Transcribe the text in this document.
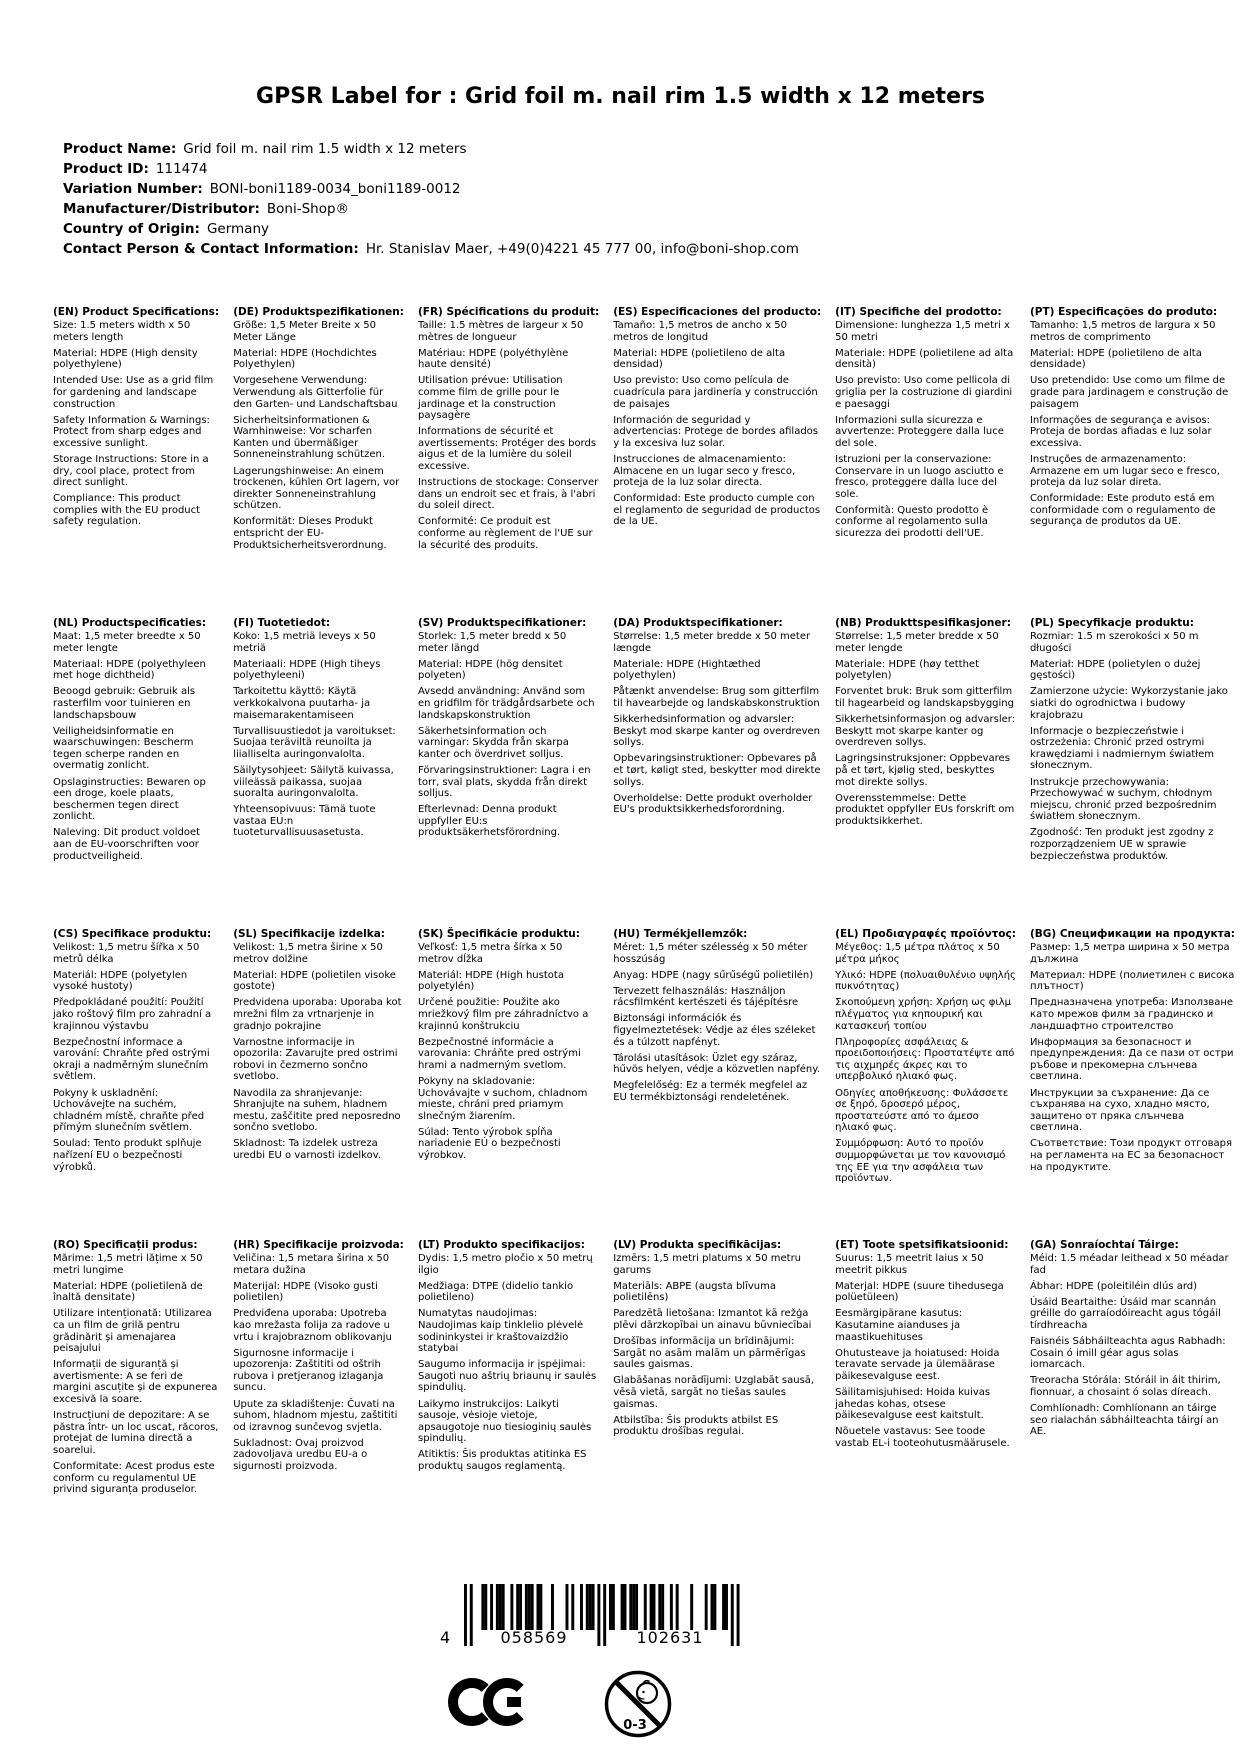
GPSR Label for : Grid foil m. nail rim 1.5 width x 12 meters
Product Name: Grid foil m. nail rim 1.5 width x 12 meters
Product ID: 111474
Variation Number: BONI-boni1189-0034_boni1189-0012
Manufacturer/Distributor: Boni-Shop®
Country of Origin: Germany
Contact Person & Contact Information: Hr. Stanislav Maer, +49(0)4221 45 777 00, info@boni-shop.com
(EN) Product Specifications:

Size: 1.5 meters width x 50 meters length

Material: HDPE (High density polyethylene)

Intended Use: Use as a grid film for gardening and landscape construction

Safety Information & Warnings: Protect from sharp edges and excessive sunlight.

Storage Instructions: Store in a dry, cool place, protect from direct sunlight.

Compliance: This product complies with the EU product safety regulation.

(DE) Produktspezifikationen:

Größe: 1,5 Meter Breite x 50 Meter Länge

Material: HDPE (Hochdichtes Polyethylen)

Vorgesehene Verwendung: Verwendung als Gitterfolie für den Garten- und Landschaftsbau

Sicherheitsinformationen & Warnhinweise: Vor scharfen Kanten und übermäßiger Sonneneinstrahlung schützen.

Lagerungshinweise: An einem trockenen, kühlen Ort lagern, vor direkter Sonneneinstrahlung schützen.

Konformität: Dieses Produkt entspricht der EU-Produktsicherheitsverordnung.

(FR) Spécifications du produit:

Taille: 1.5 mètres de largeur x 50 mètres de longueur

Matériau: HDPE (polyéthylène haute densité)

Utilisation prévue: Utilisation comme film de grille pour le jardinage et la construction paysagère

Informations de sécurité et avertissements: Protéger des bords aigus et de la lumière du soleil excessive.

Instructions de stockage: Conserver dans un endroit sec et frais, à l'abri du soleil direct.

Conformité: Ce produit est conforme au règlement de l'UE sur la sécurité des produits.

(ES) Especificaciones del producto:

Tamaño: 1,5 metros de ancho x 50 metros de longitud

Material: HDPE (polietileno de alta densidad)

Uso previsto: Uso como película de cuadrícula para jardinería y construcción de paisajes

Información de seguridad y advertencias: Protege de bordes afilados y la excesiva luz solar.

Instrucciones de almacenamiento: Almacene en un lugar seco y fresco, proteja de la luz solar directa.

Conformidad: Este producto cumple con el reglamento de seguridad de productos de la UE.

(IT) Specifiche del prodotto:

Dimensione: lunghezza 1,5 metri x 50 metri

Materiale: HDPE (polietilene ad alta densità)

Uso previsto: Uso come pellicola di griglia per la costruzione di giardini e paesaggi

Informazioni sulla sicurezza e avvertenze: Proteggere dalla luce del sole.

Istruzioni per la conservazione: Conservare in un luogo asciutto e fresco, proteggere dalla luce del sole.

Conformità: Questo prodotto è conforme al regolamento sulla sicurezza dei prodotti dell'UE.

(PT) Especificações do produto:

Tamanho: 1,5 metros de largura x 50 metros de comprimento

Material: HDPE (polietileno de alta densidade)

Uso pretendido: Use como um filme de grade para jardinagem e construção de paisagem

Informações de segurança e avisos: Proteja de bordas afiadas e luz solar excessiva.

Instruções de armazenamento: Armazene em um lugar seco e fresco, proteja da luz solar direta.

Conformidade: Este produto está em conformidade com o regulamento de segurança de produtos da UE.

(NL) Productspecificaties:

Maat: 1,5 meter breedte x 50 meter lengte

Materiaal: HDPE (polyethyleen met hoge dichtheid)

Beoogd gebruik: Gebruik als rasterfilm voor tuinieren en landschapsbouw

Veiligheidsinformatie en waarschuwingen: Bescherm tegen scherpe randen en overmatig zonlicht.

Opslaginstructies: Bewaren op een droge, koele plaats, beschermen tegen direct zonlicht.

Naleving: Dit product voldoet aan de EU-voorschriften voor productveiligheid.

(FI) Tuotetiedot:

Koko: 1,5 metriä leveys x 50 metriä

Materiaali: HDPE (High tiheys polyethyleeni)

Tarkoitettu käyttö: Käytä verkkokalvona puutarha- ja maisemarakentamiseen

Turvallisuustiedot ja varoitukset: Suojaa teräviltä reunoilta ja liialliselta auringonvalolta.

Säilytysohjeet: Säilytä kuivassa, viileässä paikassa, suojaa suoralta auringonvalolta.

Yhteensopivuus: Tämä tuote vastaa EU:n tuoteturvallisuusasetusta.

(SV) Produktspecifikationer:

Storlek: 1,5 meter bredd x 50 meter längd

Material: HDPE (hög densitet polyeten)

Avsedd användning: Använd som en gridfilm för trädgårdsarbete och landskapskonstruktion

Säkerhetsinformation och varningar: Skydda från skarpa kanter och överdrivet solljus.

Förvaringsinstruktioner: Lagra i en torr, sval plats, skydda från direkt solljus.

Efterlevnad: Denna produkt uppfyller EU:s produktsäkerhetsförordning.

(DA) Produktspecifikationer:

Størrelse: 1,5 meter bredde x 50 meter længde

Materiale: HDPE (Hightæthed polyethylen)

Påtænkt anvendelse: Brug som gitterfilm til havearbejde og landskabskonstruktion

Sikkerhedsinformation og advarsler: Beskyt mod skarpe kanter og overdreven sollys.

Opbevaringsinstruktioner: Opbevares på et tørt, køligt sted, beskytter mod direkte sollys.

Overholdelse: Dette produkt overholder EU's produktsikkerhedsforordning.

(NB) Produkttspesifikasjoner:

Størrelse: 1,5 meter bredde x 50 meter lengde

Materiale: HDPE (høy tetthet polyetylen)

Forventet bruk: Bruk som gitterfilm til hagearbeid og landskapsbygging

Sikkerhetsinformasjon og advarsler: Beskytt mot skarpe kanter og overdreven sollys.

Lagringsinstruksjoner: Oppbevares på et tørt, kjølig sted, beskyttes mot direkte sollys.

Overensstemmelse: Dette produktet oppfyller EUs forskrift om produktsikkerhet.

(PL) Specyfikacje produktu:

Rozmiar: 1.5 m szerokości x 50 m długości

Materiał: HDPE (polietylen o dużej gęstości)

Zamierzone użycie: Wykorzystanie jako siatki do ogrodnictwa i budowy krajobrazu

Informacje o bezpieczeństwie i ostrzeżenia: Chronić przed ostrymi krawędziami i nadmiernym światłem słonecznym.

Instrukcje przechowywania: Przechowywać w suchym, chłodnym miejscu, chronić przed bezpośrednim światłem słonecznym.

Zgodność: Ten produkt jest zgodny z rozporządzeniem UE w sprawie bezpieczeństwa produktów.

(CS) Specifikace produktu:

Velikost: 1,5 metru šířka x 50 metrů délka

Materiál: HDPE (polyetylen vysoké hustoty)

Předpokládané použití: Použití jako roštový film pro zahradní a krajinnou výstavbu

Bezpečnostní informace a varování: Chraňte před ostrými okraji a nadměrným slunečním světlem.

Pokyny k uskladnění: Uchovávejte na suchém, chladném místě, chraňte před přímým slunečním světlem.

Soulad: Tento produkt splňuje nařízení EU o bezpečnosti výrobků.

(SL) Specifikacije izdelka:

Velikost: 1,5 metra širine x 50 metrov dolžine

Material: HDPE (polietilen visoke gostote)

Predvidena uporaba: Uporaba kot mrežni film za vrtnarjenje in gradnjo pokrajine

Varnostne informacije in opozorila: Zavarujte pred ostrimi robovi in čezmerno sončno svetlobo.

Navodila za shranjevanje: Shranjujte na suhem, hladnem mestu, zaščitite pred neposredno sončno svetlobo.

Skladnost: Ta izdelek ustreza uredbi EU o varnosti izdelkov.

(SK) Špecifikácie produktu:

Veľkosť: 1,5 metra šírka x 50 metrov dĺžka

Materiál: HDPE (High hustota polyetylén)

Určené použitie: Použite ako mriežkový film pre záhradníctvo a krajinnú konštrukciu

Bezpečnostné informácie a varovania: Chráňte pred ostrými hrami a nadmerným svetlom.

Pokyny na skladovanie: Uchovávajte v suchom, chladnom mieste, chráni pred priamym slnečným žiarením.

Súlad: Tento výrobok spĺňa nariadenie EÚ o bezpečnosti výrobkov.

(HU) Termékjellemzők:

Méret: 1,5 méter szélesség x 50 méter hosszúság

Anyag: HDPE (nagy sűrűségű polietilén)

Tervezett felhasználás: Használjon rácsfilmként kertészeti és tájépítésre

Biztonsági információk és figyelmeztetések: Védje az éles széleket és a túlzott napfényt.

Tárolási utasítások: Üzlet egy száraz, hűvös helyen, védje a közvetlen napfény.

Megfelelőség: Ez a termék megfelel az EU termékbiztonsági rendeletének.

(EL) Προδιαγραφές προϊόντος:

Μέγεθος: 1,5 μέτρα πλάτος x 50 μέτρα μήκος

Υλικό: HDPE (πολυαιθυλένιο υψηλής πυκνότητας)

Σκοπούμενη χρήση: Χρήση ως φιλμ πλέγματος για κηπουρική και κατασκευή τοπίου

Πληροφορίες ασφάλειας & προειδοποιήσεις: Προστατέψτε από τις αιχμηρές άκρες και το υπερβολικό ηλιακό φως.

Οδηγίες αποθήκευσης: Φυλάσσετε σε ξηρό, δροσερό μέρος, προστατεύστε από το άμεσο ηλιακό φως.

Συμμόρφωση: Αυτό το προϊόν συμμορφώνεται με τον κανονισμό της ΕΕ για την ασφάλεια των προϊόντων.

(BG) Спецификации на продукта:

Размер: 1,5 метра ширина x 50 метра дължина

Материал: HDPE (полиетилен с висока плътност)

Предназначена употреба: Използване като мрежов филм за градинско и ландшафтно строителство

Информация за безопасност и предупреждения: Да се пази от остри ръбове и прекомерна слънчева светлина.

Инструкции за съхранение: Да се съхранява на сухо, хладно място, защитено от пряка слънчева светлина.

Съответствие: Този продукт отговаря на регламента на ЕС за безопасност на продуктите.

(RO) Specificații produs:

Mărime: 1,5 metri lățime x 50 metri lungime

Material: HDPE (polietilenă de înaltă densitate)

Utilizare intenționată: Utilizarea ca un film de grilă pentru grădinărit și amenajarea peisajului

Informații de siguranță și avertismente: A se feri de margini ascuțite și de expunerea excesivă la soare.

Instrucțiuni de depozitare: A se păstra într- un loc uscat, răcoros, protejat de lumina directă a soarelui.

Conformitate: Acest produs este conform cu regulamentul UE privind siguranța produselor.

(HR) Specifikacije proizvoda:

Veličina: 1,5 metara širina x 50 metara dužina

Materijal: HDPE (Visoko gusti polietilen)

Predviđena uporaba: Upotreba kao mrežasta folija za radove u vrtu i krajobraznom oblikovanju

Sigurnosne informacije i upozorenja: Zaštititi od oštrih rubova i pretjeranog izlaganja suncu.

Upute za skladištenje: Čuvati na suhom, hladnom mjestu, zaštititi od izravnog sunčevog svjetla.

Sukladnost: Ovaj proizvod zadovoljava uredbu EU-a o sigurnosti proizvoda.

(LT) Produkto specifikacijos:

Dydis: 1,5 metro pločio x 50 metrų ilgio

Medžiaga: DTPE (didelio tankio polietileno)

Numatytas naudojimas: Naudojimas kaip tinklelio plėvelė sodininkystei ir kraštovaizdžio statybai

Saugumo informacija ir įspėjimai: Saugoti nuo aštrių briaunų ir saulės spindulių.

Laikymo instrukcijos: Laikyti sausoje, vėsioje vietoje, apsaugotoje nuo tiesioginių saulės spindulių.

Atitiktis: Šis produktas atitinka ES produktų saugos reglamentą.

(LV) Produkta specifikācijas:

Izmērs: 1,5 metri platums x 50 metru garums

Materiāls: ABPE (augsta blīvuma polietilēns)

Paredzētā lietošana: Izmantot kā režģa plēvi dārzkopībai un ainavu būvniecībai

Drošības informācija un brīdinājumi: Sargāt no asām malām un pārmērīgas saules gaismas.

Glabāšanas norādījumi: Uzglabāt sausā, vēsā vietā, sargāt no tiešas saules gaismas.

Atbilstība: Šis produkts atbilst ES produktu drošības regulai.

(ET) Toote spetsifikatsioonid:

Suurus: 1,5 meetrit laius x 50 meetrit pikkus

Materjal: HDPE (suure tihedusega polüetüleen)

Eesmärgipärane kasutus: Kasutamine aianduses ja maastikuehituses

Ohutusteave ja hoiatused: Hoida teravate servade ja ülemäärase päikesevalguse eest.

Säilitamisjuhised: Hoida kuivas jahedas kohas, otsese päikesevalguse eest kaitstult.

Nõuetele vastavus: See toode vastab EL-i tooteohutusmäärusele.

(GA) Sonraíochtaí Táirge:

Méid: 1.5 méadar leithead x 50 méadar fad

Ábhar: HDPE (poleitiléin dlús ard)

Úsáid Beartaithe: Úsáid mar scannán gréille do garraíodóireacht agus tógáil tírdhreacha

Faisnéis Sábháilteachta agus Rabhadh: Cosain ó imill géar agus solas iomarcach.

Treoracha Stórála: Stóráil in áit thirim, fionnuar, a chosaint ó solas díreach.

Comhlíonadh: Comhlíonann an táirge seo rialachán sábháilteachta táirgí an AE.

4	058569	102631
0-3
